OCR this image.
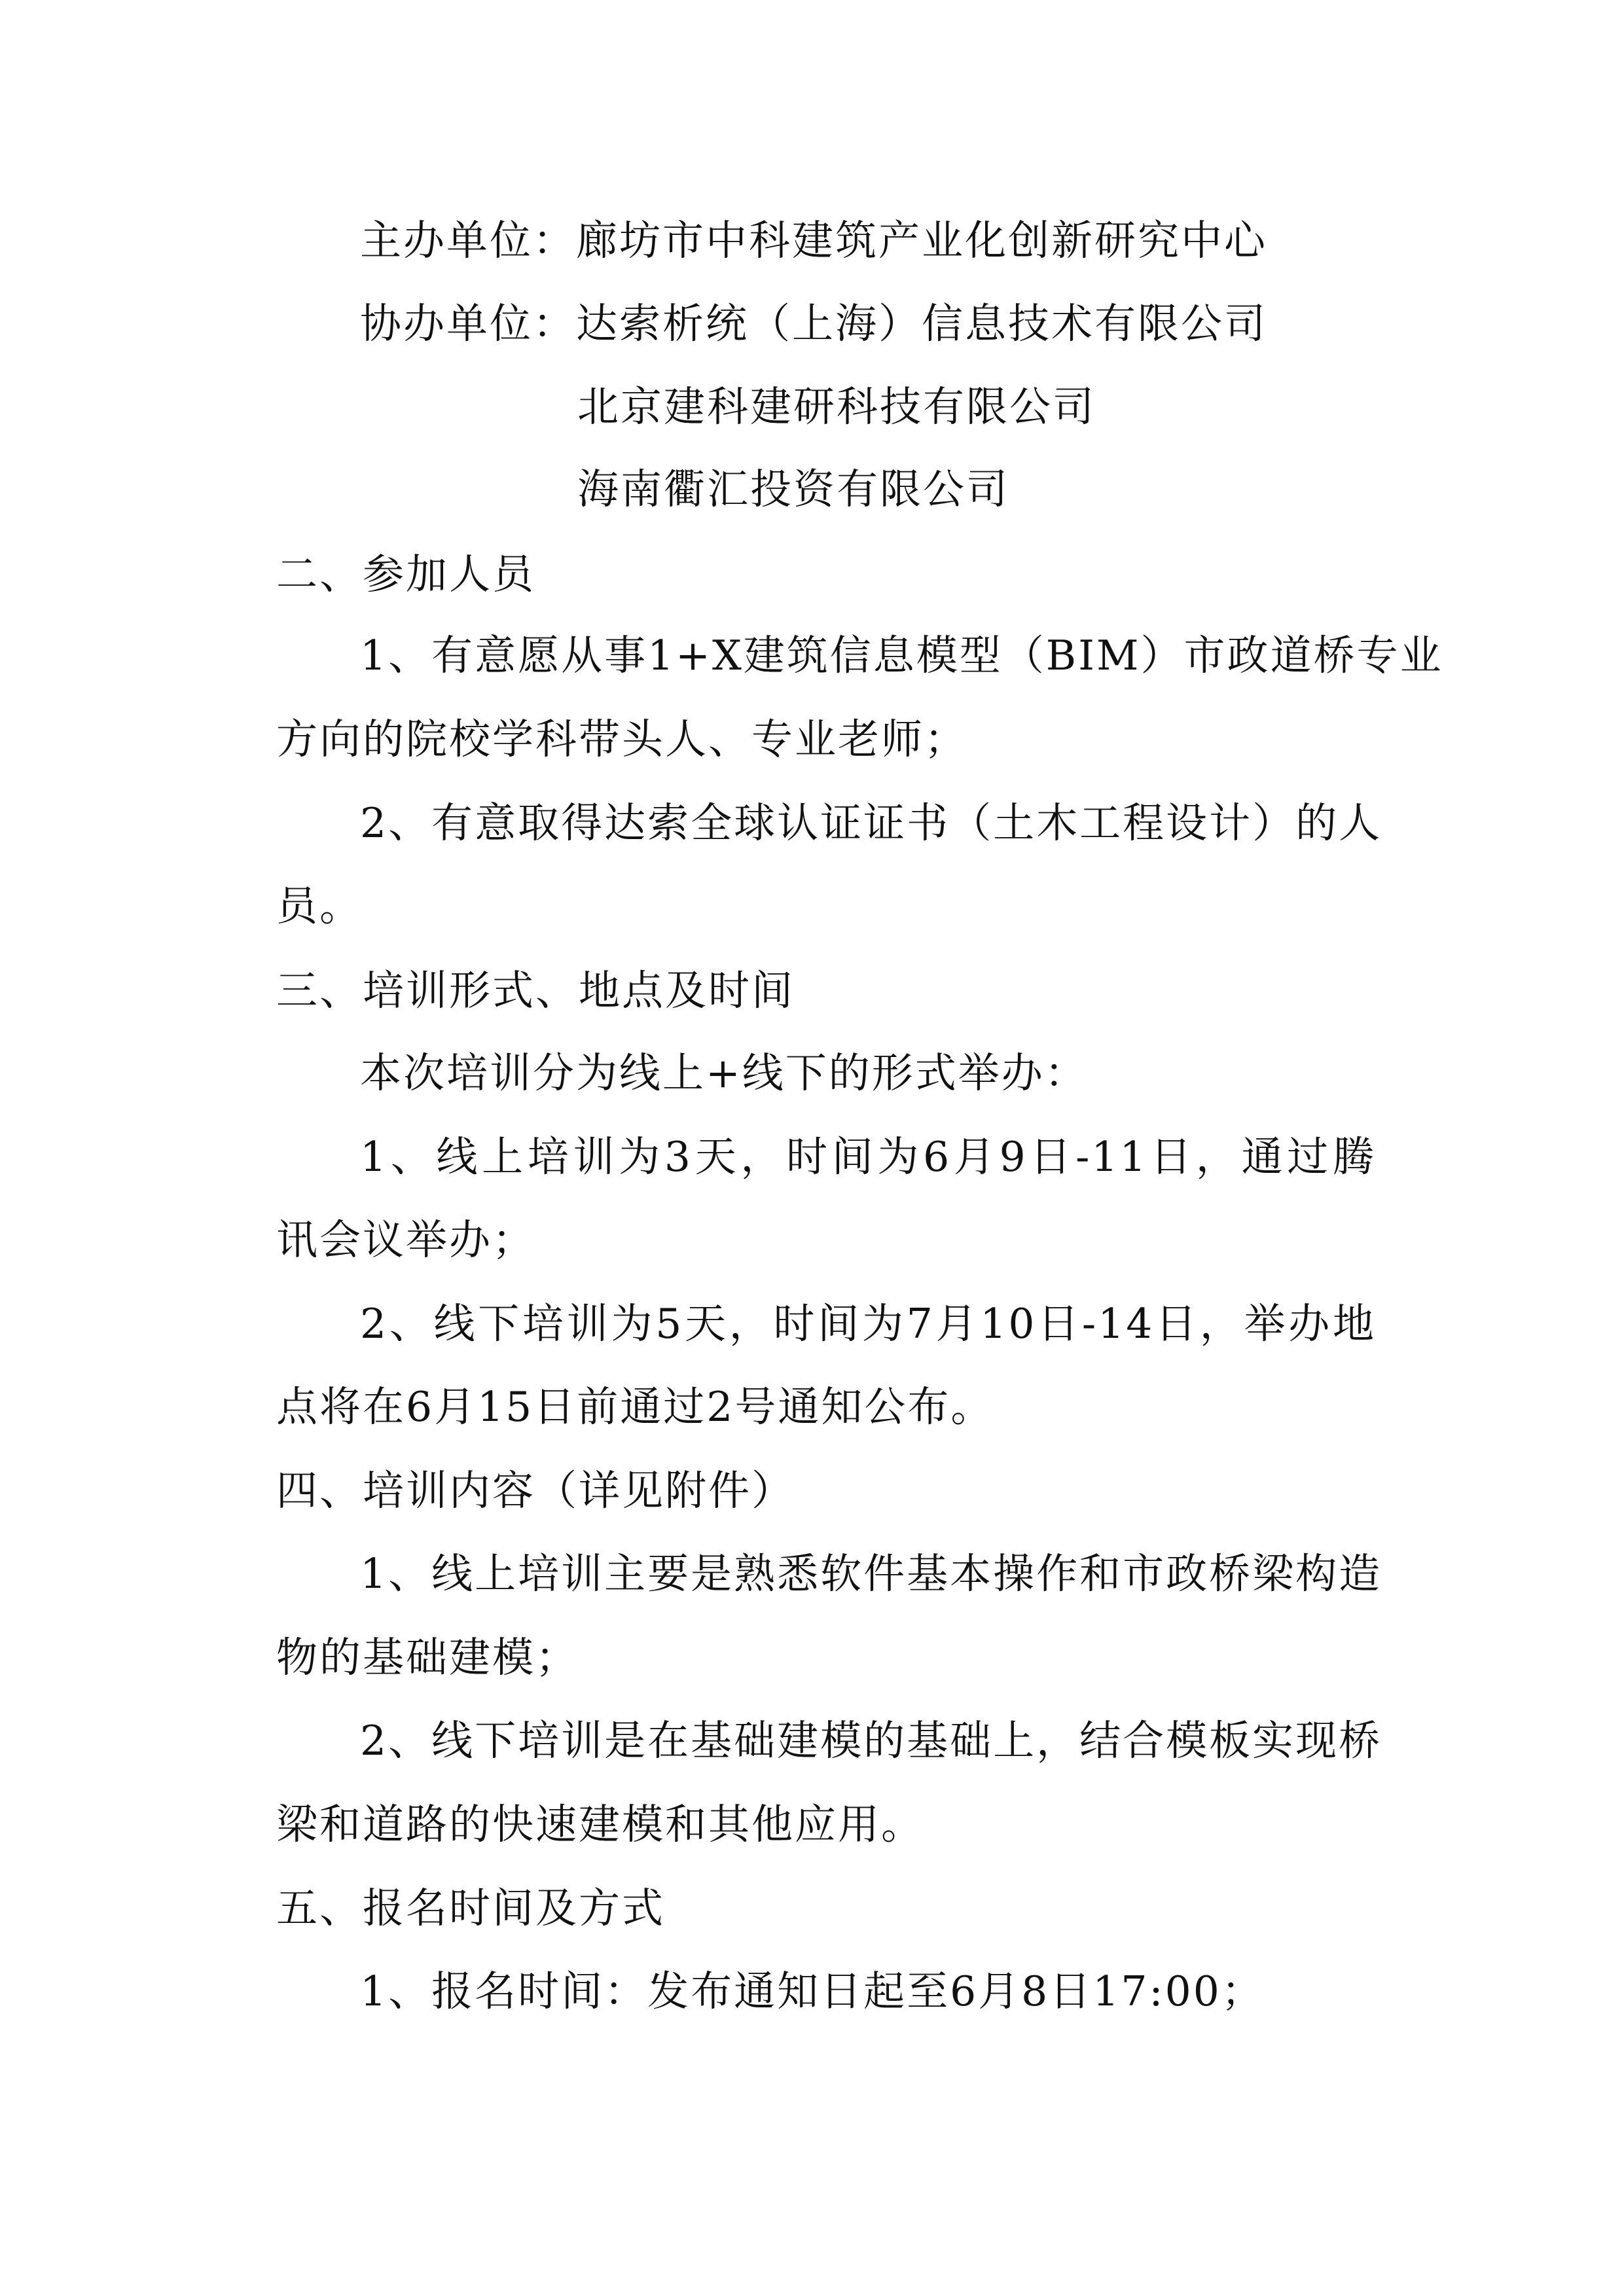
主办单位：廊坊市中科建筑产业化创新研究中心
协办单位：达索析统（上海）信息技术有限公司
北京建科建研科技有限公司
海南衢汇投资有限公司
二、参加人员
1、有意愿从事1+X建筑信息模型（BIM）市政道桥专业
方向的院校学科带头人、专业老师；
2、有意取得达索全球认证证书（土木工程设计）的人
员。
三、培训形式、地点及时间
本次培训分为线上+线下的形式举办：
1、线上培训为3天，时间为6月9日-11日，通过腾
讯会议举办；
2、线下培训为5天，时间为7月10日-14日，举办地
点将在6月15日前通过2号通知公布。
四、培训内容（详见附件）
1、线上培训主要是熟悉软件基本操作和市政桥梁构造
物的基础建模；
2、线下培训是在基础建模的基础上，结合模板实现桥
梁和道路的快速建模和其他应用。
五、报名时间及方式
1、报名时间：发布通知日起至6月8日17:00；
